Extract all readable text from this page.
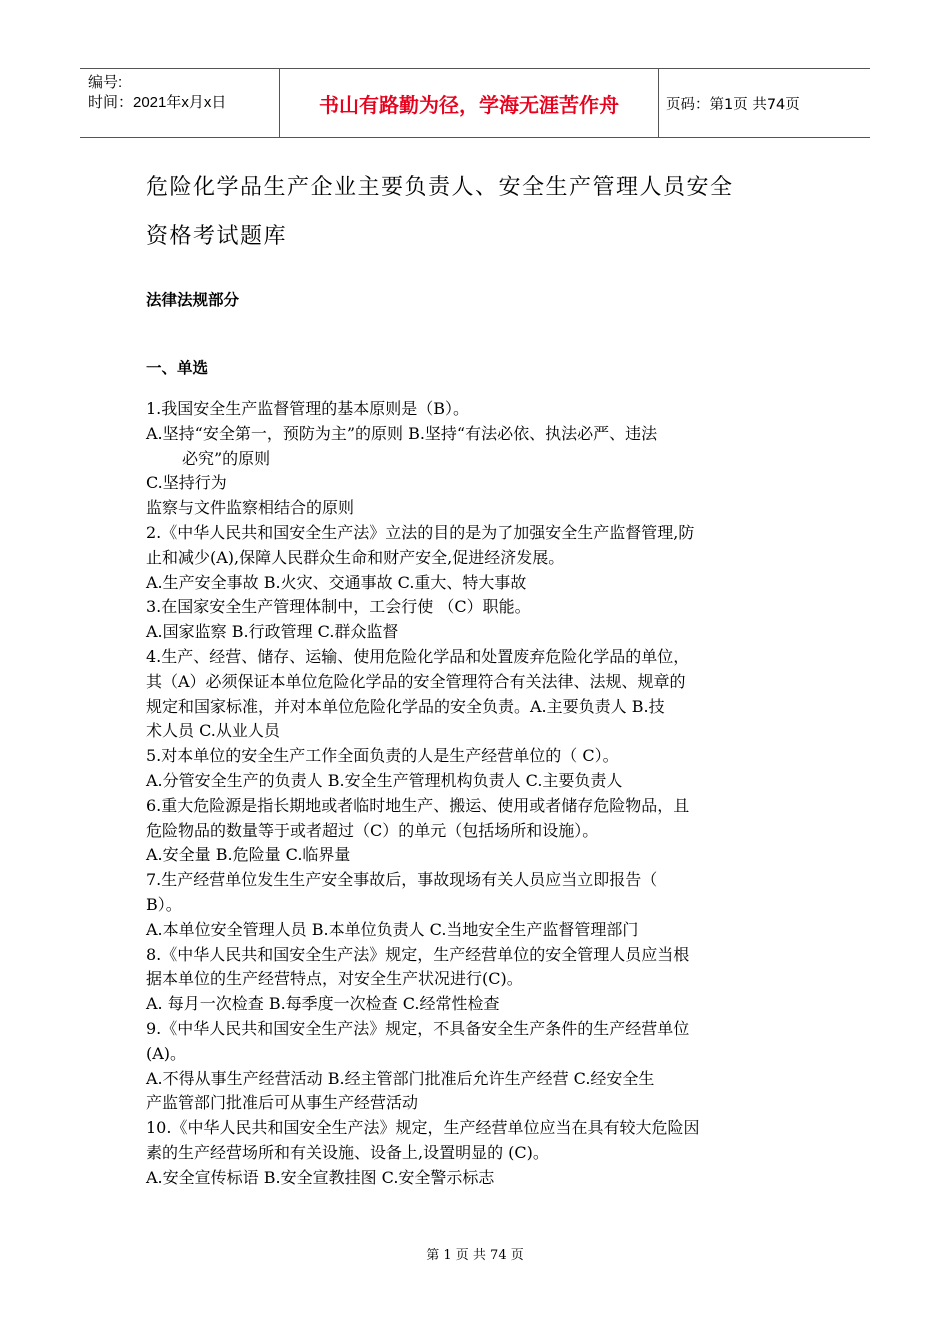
编号:
时间：2021年x月x日	书山有路勤为径，学海无涯苦作舟	页码：第1页 共74页
危险化学品生产企业主要负责人、安全生产管理人员安全
资格考试题库
法律法规部分
一、单选
1.我国安全生产监督管理的基本原则是（B）。
A.坚持“安全第一，预防为主”的原则 B.坚持“有法必依、执法必严、违法
必究”的原则
C.坚持行为
监察与文件监察相结合的原则
2.《中华人民共和国安全生产法》立法的目的是为了加强安全生产监督管理,防
止和减少(A),保障人民群众生命和财产安全,促进经济发展。
A.生产安全事故 B.火灾、交通事故 C.重大、特大事故
3.在国家安全生产管理体制中，工会行使 （C）职能。
A.国家监察 B.行政管理 C.群众监督
4.生产、经营、储存、运输、使用危险化学品和处置废弃危险化学品的单位，
其（A）必须保证本单位危险化学品的安全管理符合有关法律、法规、规章的
规定和国家标准，并对本单位危险化学品的安全负责。A.主要负责人 B.技
术人员 C.从业人员
5.对本单位的安全生产工作全面负责的人是生产经营单位的（ C）。
A.分管安全生产的负责人 B.安全生产管理机构负责人 C.主要负责人
6.重大危险源是指长期地或者临时地生产、搬运、使用或者储存危险物品，且
危险物品的数量等于或者超过（C）的单元（包括场所和设施）。
A.安全量 B.危险量 C.临界量
7.生产经营单位发生生产安全事故后，事故现场有关人员应当立即报告（
B）。
A.本单位安全管理人员 B.本单位负责人 C.当地安全生产监督管理部门
8.《中华人民共和国安全生产法》规定，生产经营单位的安全管理人员应当根
据本单位的生产经营特点，对安全生产状况进行(C)。
A. 每月一次检查 B.每季度一次检查 C.经常性检查
9.《中华人民共和国安全生产法》规定，不具备安全生产条件的生产经营单位
(A)。
A.不得从事生产经营活动 B.经主管部门批准后允许生产经营 C.经安全生
产监管部门批准后可从事生产经营活动
10.《中华人民共和国安全生产法》规定，生产经营单位应当在具有较大危险因
素的生产经营场所和有关设施、设备上,设置明显的 (C)。
A.安全宣传标语 B.安全宣教挂图 C.安全警示标志
第 1 页 共 74 页
